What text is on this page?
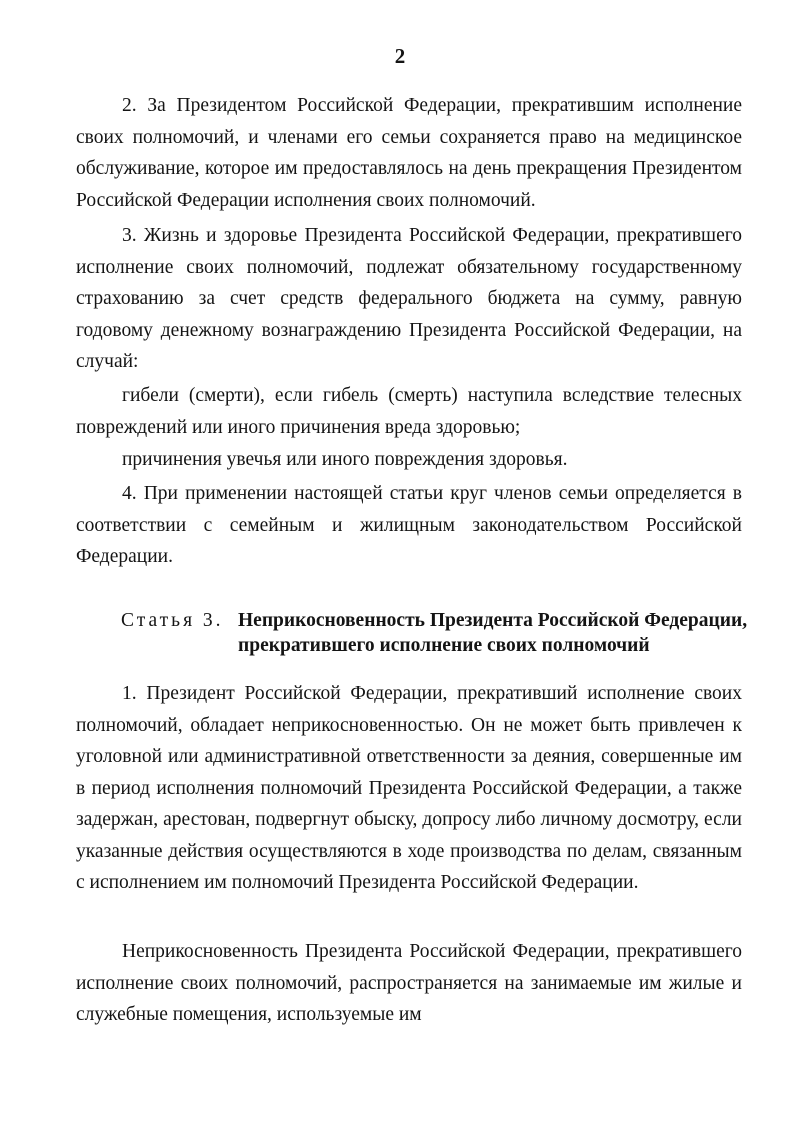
2

2. За Президентом Российской Федерации, прекратившим исполнение своих полномочий, и членами его семьи сохраняется право на медицинское обслуживание, которое им предоставлялось на день прекращения Президентом Российской Федерации исполнения своих полномочий.

3. Жизнь и здоровье Президента Российской Федерации, прекратившего исполнение своих полномочий, подлежат обязательному государственному страхованию за счет средств федерального бюджета на сумму, равную годовому денежному вознаграждению Президента Российской Федерации, на случай:

гибели (смерти), если гибель (смерть) наступила вследствие телесных повреждений или иного причинения вреда здоровью;

причинения увечья или иного повреждения здоровья.

4. При применении настоящей статьи круг членов семьи определяется в соответствии с семейным и жилищным законодательством Российской Федерации.

Статья 3. Неприкосновенность Президента Российской Федерации,
прекратившего исполнение своих полномочий

1. Президент Российской Федерации, прекративший исполнение своих полномочий, обладает неприкосновенностью. Он не может быть привлечен к уголовной или административной ответственности за деяния, совершенные им в период исполнения полномочий Президента Российской Федерации, а также задержан, арестован, подвергнут обыску, допросу либо личному досмотру, если указанные действия осуществляются в ходе производства по делам, связанным с исполнением им полномочий Президента Российской Федерации.

Неприкосновенность Президента Российской Федерации, прекратившего исполнение своих полномочий, распространяется на занимаемые им жилые и служебные помещения, используемые им
